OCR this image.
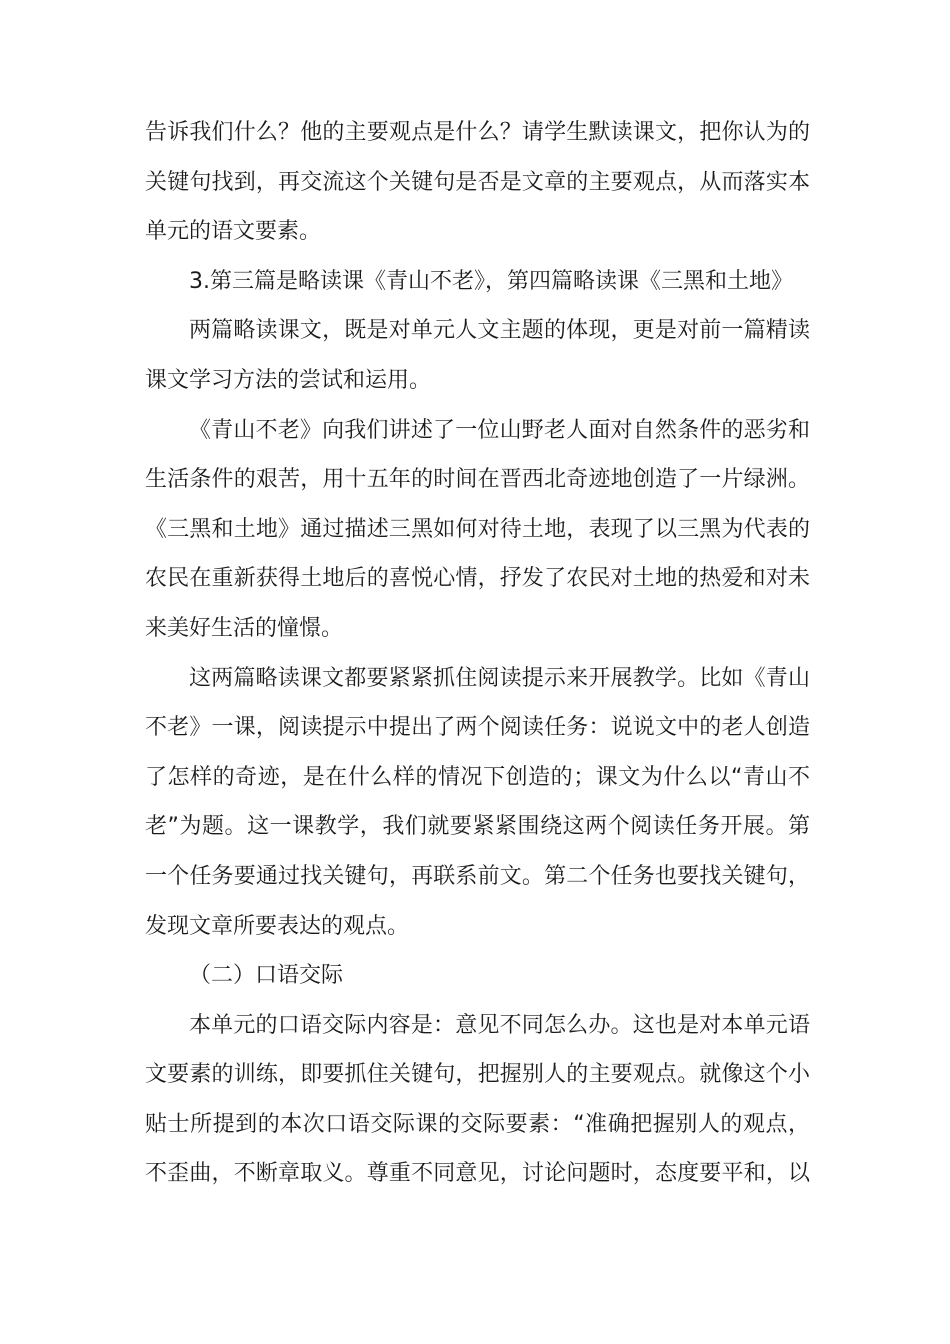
告诉我们什么？他的主要观点是什么？请学生默读课文，把你认为的
关键句找到，再交流这个关键句是否是文章的主要观点，从而落实本
单元的语文要素。
3.第三篇是略读课《青山不老》，第四篇略读课《三黑和土地》
两篇略读课文，既是对单元人文主题的体现，更是对前一篇精读
课文学习方法的尝试和运用。
《青山不老》向我们讲述了一位山野老人面对自然条件的恶劣和
生活条件的艰苦，用十五年的时间在晋西北奇迹地创造了一片绿洲。
《三黑和土地》通过描述三黑如何对待土地，表现了以三黑为代表的
农民在重新获得土地后的喜悦心情，抒发了农民对土地的热爱和对未
来美好生活的憧憬。
这两篇略读课文都要紧紧抓住阅读提示来开展教学。比如《青山
不老》一课，阅读提示中提出了两个阅读任务：说说文中的老人创造
了怎样的奇迹，是在什么样的情况下创造的；课文为什么以“青山不
老”为题。这一课教学，我们就要紧紧围绕这两个阅读任务开展。第
一个任务要通过找关键句，再联系前文。第二个任务也要找关键句，
发现文章所要表达的观点。
（二）口语交际
本单元的口语交际内容是：意见不同怎么办。这也是对本单元语
文要素的训练，即要抓住关键句，把握别人的主要观点。就像这个小
贴士所提到的本次口语交际课的交际要素：“准确把握别人的观点，
不歪曲，不断章取义。尊重不同意见，讨论问题时，态度要平和，以
